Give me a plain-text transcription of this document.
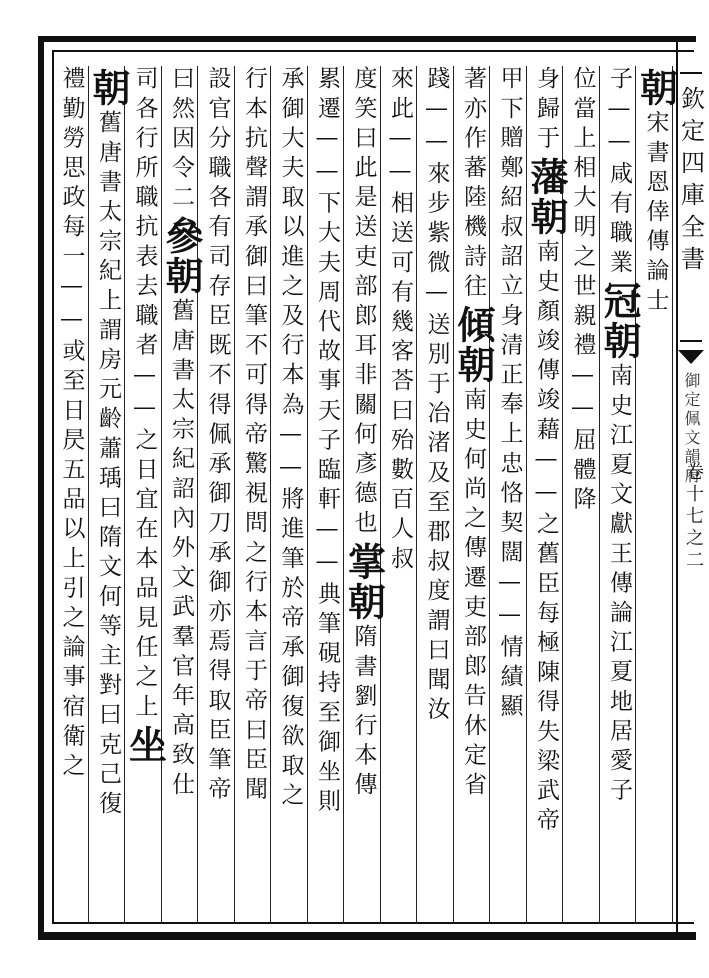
朝
宋書恩倖傳論士
子——咸有職業
冠朝
南史江夏文獻王傳論江夏地居愛子
位當上相大明之世親禮——屈體降
身歸于
藩朝
南史顏竣傳竣藉——之舊臣每極陳得失梁武帝
甲下
贈鄭紹叔詔立身清正奉上忠恪契闊——情績顯
著亦作蕃陸機詩往
傾朝
南史何尚之傳遷吏部郎告休定省
踐——來步紫微
—送別于冶渚及至郡叔度謂曰聞汝
來此——相送可有幾客荅曰殆數百人叔
度笑曰此是送吏部郎耳非關何彥德也
掌朝
隋書劉行本傳
累遷——下大夫周代故事天子臨軒——典筆硯持至御坐則
承御大夫取以進之及行本為——將進筆於帝承御復欲取之
行本抗聲謂承御曰筆不可得帝驚視問之行本言于帝曰臣聞
設官分職各有司存臣既不得佩承御刀承御亦焉得取臣筆帝
曰然因令二
參朝
舊唐書太宗紀詔內外文武羣官年高致仕
司各行所職
抗表去職者——之日宜在本品見任之上
坐
朝
舊唐書太宗紀上謂房元齡蕭瑀曰隋文何等主對曰克己復
禮勤勞思政每一——或至日昃五品以上引之論事宿衛之	欽定四庫全書
御定佩文韻府
卷十七之二
